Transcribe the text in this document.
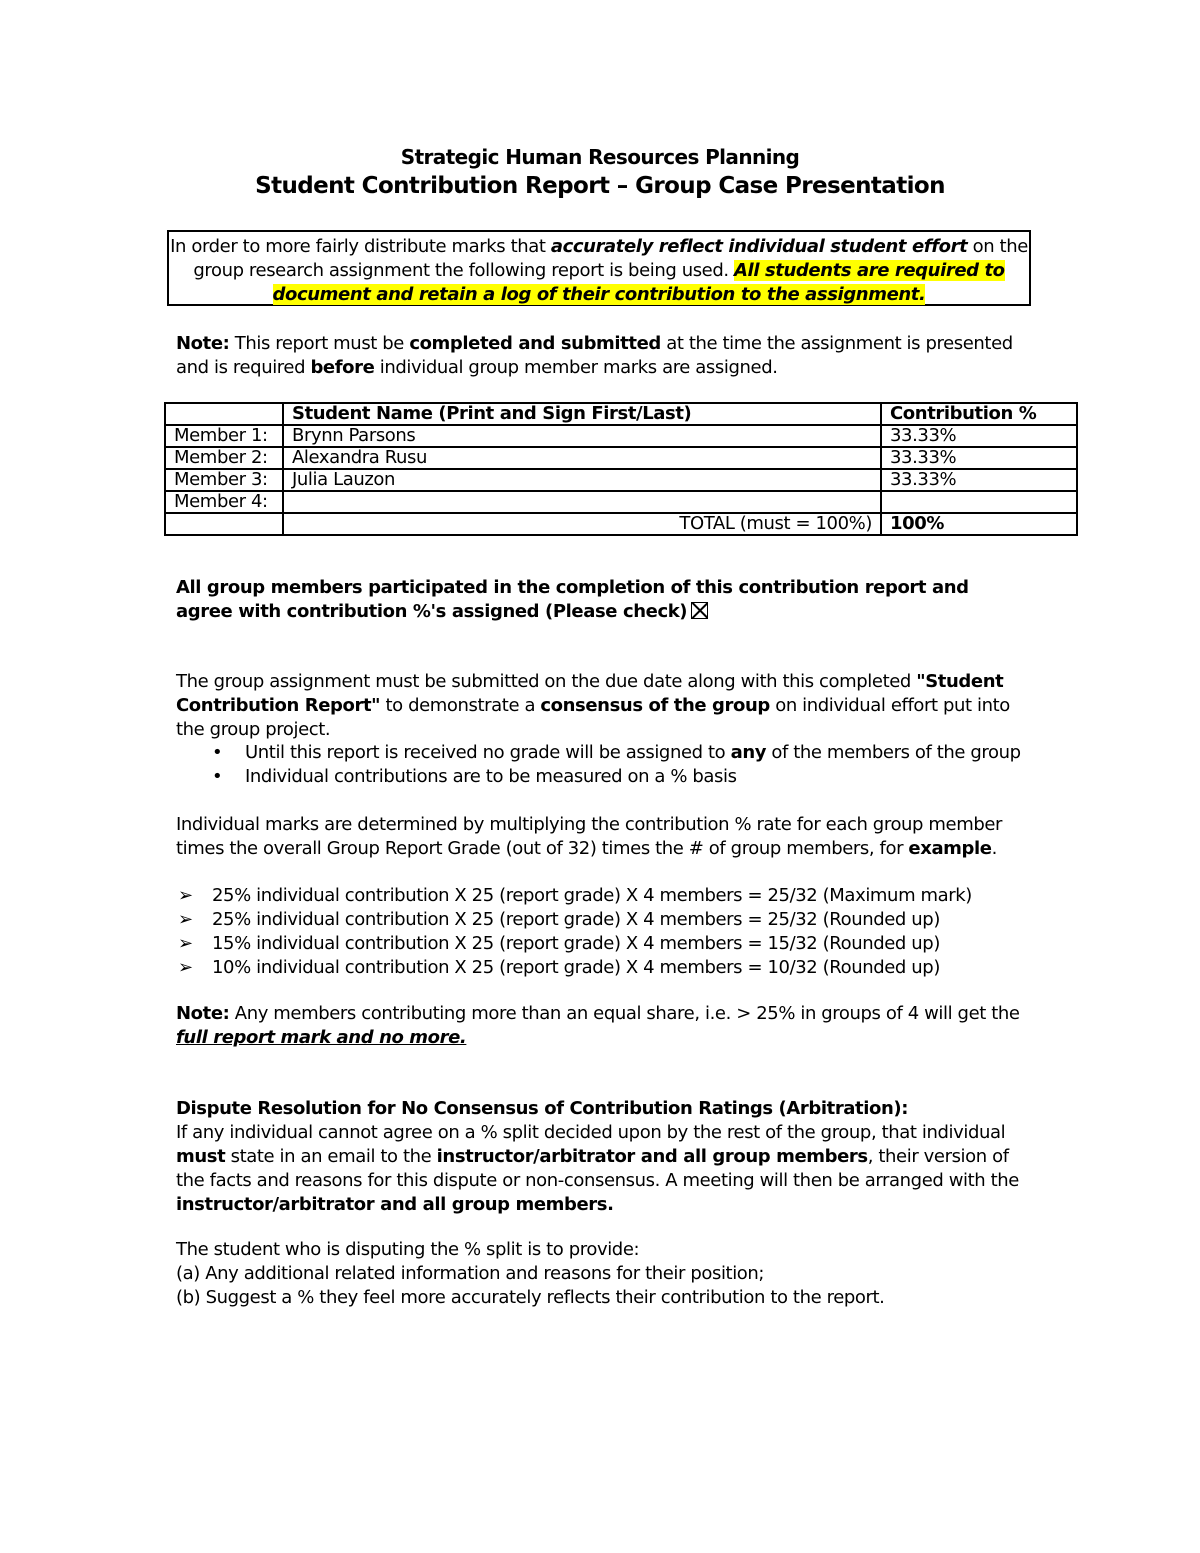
Strategic Human Resources Planning
Student Contribution Report – Group Case Presentation
In order to more fairly distribute marks that accurately reflect individual student effort on the group research assignment the following report is being used. All students are required to document and retain a log of their contribution to the assignment.
Note: This report must be completed and submitted at the time the assignment is presented and is required before individual group member marks are assigned.
	Student Name (Print and Sign First/Last)	Contribution %
Member 1:	Brynn Parsons	33.33%
Member 2:	Alexandra Rusu	33.33%
Member 3:	Julia Lauzon	33.33%
Member 4:		
	TOTAL (must = 100%)	100%
All group members participated in the completion of this contribution report and agree with contribution %'s assigned (Please check)
The group assignment must be submitted on the due date along with this completed "Student Contribution Report" to demonstrate a consensus of the group on individual effort put into the group project.
•	Until this report is received no grade will be assigned to any of the members of the group
•	Individual contributions are to be measured on a % basis
Individual marks are determined by multiplying the contribution % rate for each group member times the overall Group Report Grade (out of 32) times the # of group members, for example.
➢ 25% individual contribution X 25 (report grade) X 4 members = 25/32 (Maximum mark)
➢ 25% individual contribution X 25 (report grade) X 4 members = 25/32 (Rounded up)
➢ 15% individual contribution X 25 (report grade) X 4 members = 15/32 (Rounded up)
➢ 10% individual contribution X 25 (report grade) X 4 members = 10/32 (Rounded up)
Note: Any members contributing more than an equal share, i.e. > 25% in groups of 4 will get the full report mark and no more.
Dispute Resolution for No Consensus of Contribution Ratings (Arbitration):
If any individual cannot agree on a % split decided upon by the rest of the group, that individual must state in an email to the instructor/arbitrator and all group members, their version of the facts and reasons for this dispute or non-consensus. A meeting will then be arranged with the instructor/arbitrator and all group members.
The student who is disputing the % split is to provide:
(a) Any additional related information and reasons for their position;
(b) Suggest a % they feel more accurately reflects their contribution to the report.
